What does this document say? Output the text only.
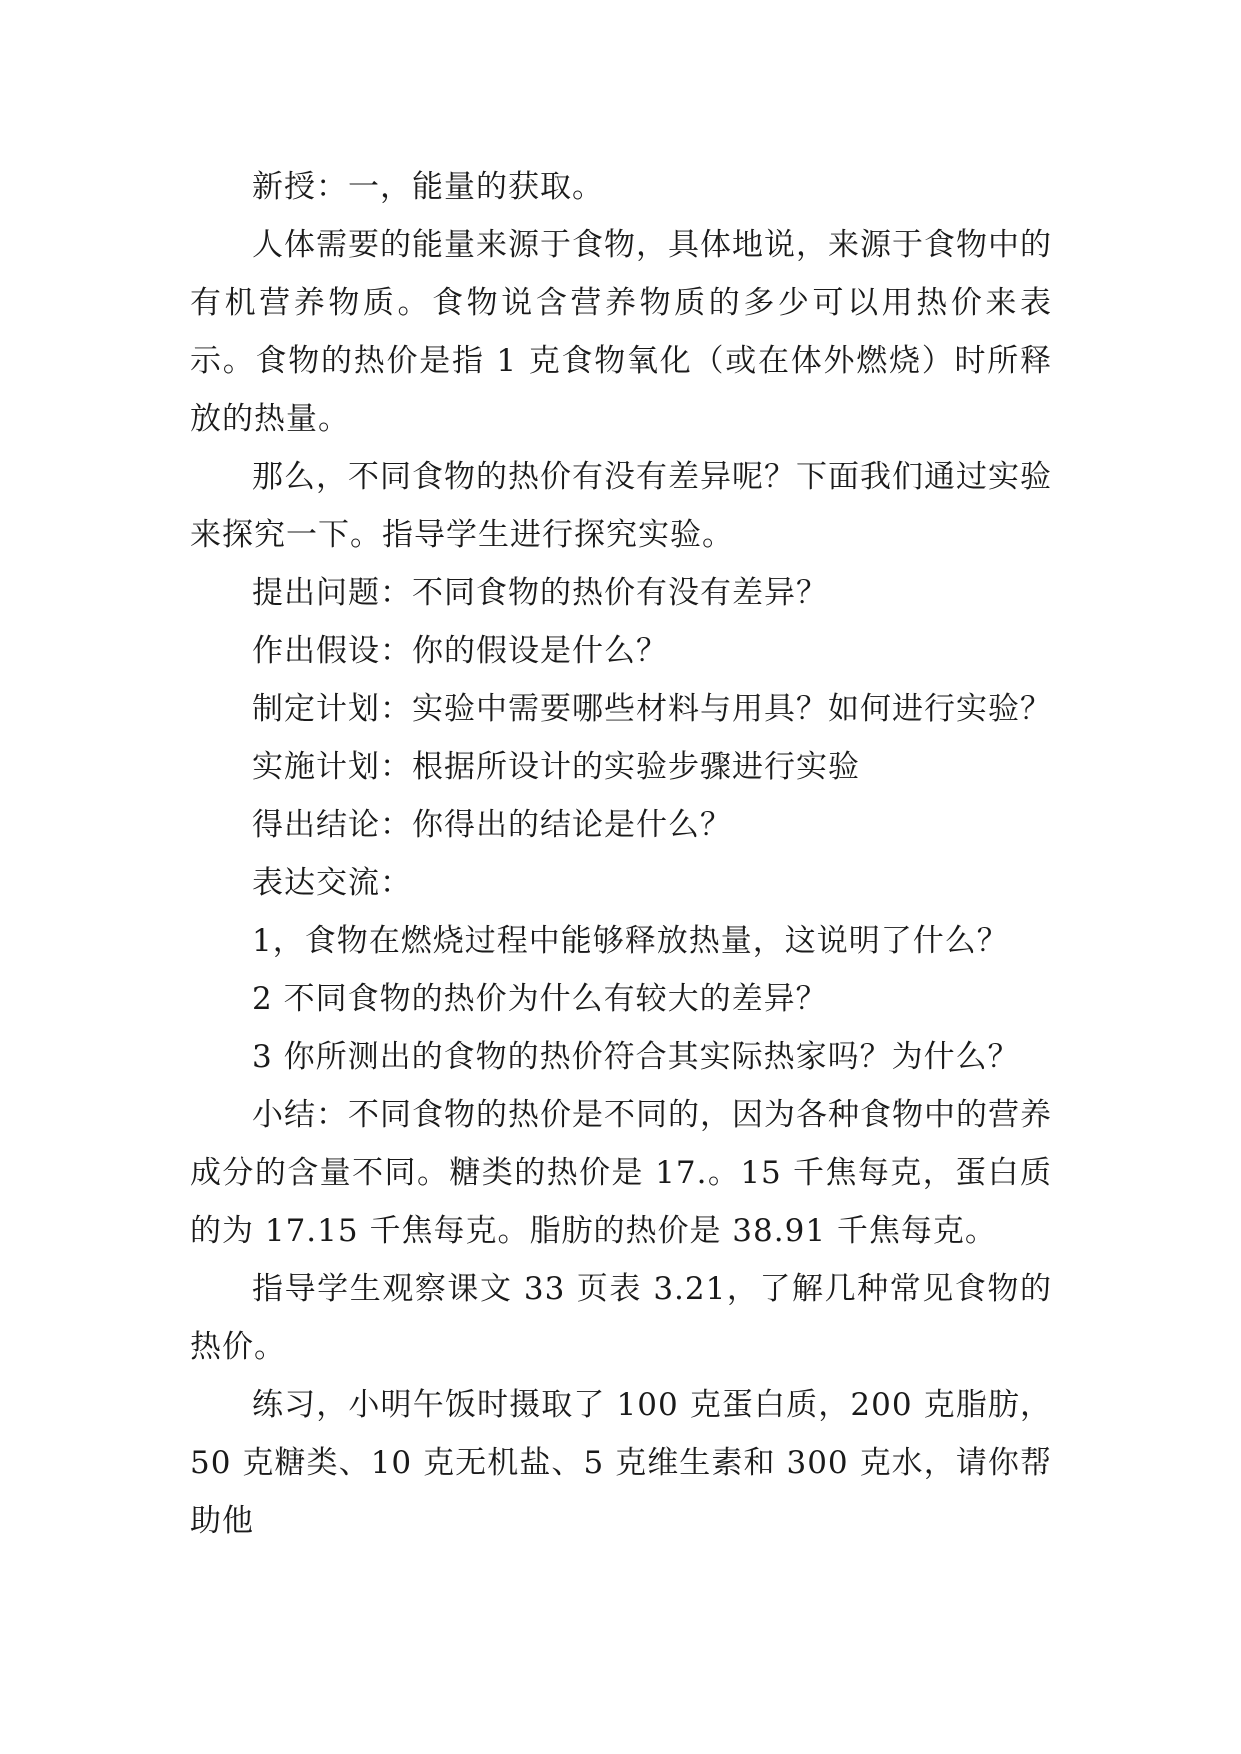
新授：一，能量的获取。

人体需要的能量来源于食物，具体地说，来源于食物中的有机营养物质。食物说含营养物质的多少可以用热价来表示。食物的热价是指 1 克食物氧化（或在体外燃烧）时所释放的热量。

那么，不同食物的热价有没有差异呢？下面我们通过实验来探究一下。指导学生进行探究实验。

提出问题：不同食物的热价有没有差异？

作出假设：你的假设是什么？

制定计划：实验中需要哪些材料与用具？如何进行实验？

实施计划：根据所设计的实验步骤进行实验

得出结论：你得出的结论是什么？

表达交流：

1，食物在燃烧过程中能够释放热量，这说明了什么？

2 不同食物的热价为什么有较大的差异？

3 你所测出的食物的热价符合其实际热家吗？为什么？

小结：不同食物的热价是不同的，因为各种食物中的营养成分的含量不同。糖类的热价是 17.。15 千焦每克，蛋白质的为 17.15 千焦每克。脂肪的热价是 38.91 千焦每克。

指导学生观察课文 33 页表 3.21，了解几种常见食物的热价。

练习，小明午饭时摄取了 100 克蛋白质，200 克脂肪，50 克糖类、10 克无机盐、5 克维生素和 300 克水，请你帮助他
